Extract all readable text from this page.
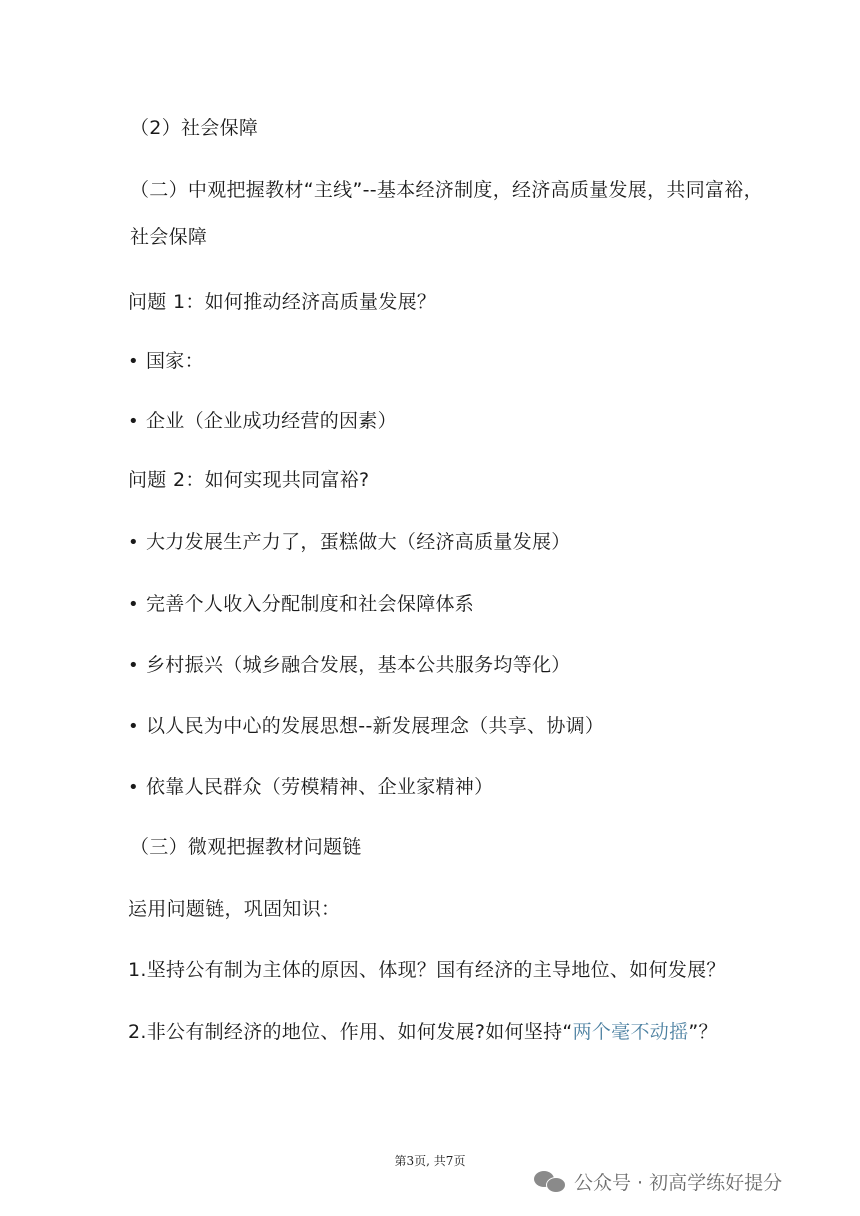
（2）社会保障
（二）中观把握教材“主线”--基本经济制度，经济高质量发展，共同富裕，
社会保障
问题 1：如何推动经济高质量发展？
• 国家：
• 企业（企业成功经营的因素）
问题 2：如何实现共同富裕?
• 大力发展生产力了，蛋糕做大（经济高质量发展）
• 完善个人收入分配制度和社会保障体系
• 乡村振兴（城乡融合发展，基本公共服务均等化）
• 以人民为中心的发展思想--新发展理念（共享、协调）
• 依靠人民群众（劳模精神、企业家精神）
（三）微观把握教材问题链
运用问题链，巩固知识：
1.坚持公有制为主体的原因、体现？国有经济的主导地位、如何发展？
2.非公有制经济的地位、作用、如何发展?如何坚持“两个毫不动摇”？
第3页, 共7页
公众号 · 初高学练好提分
